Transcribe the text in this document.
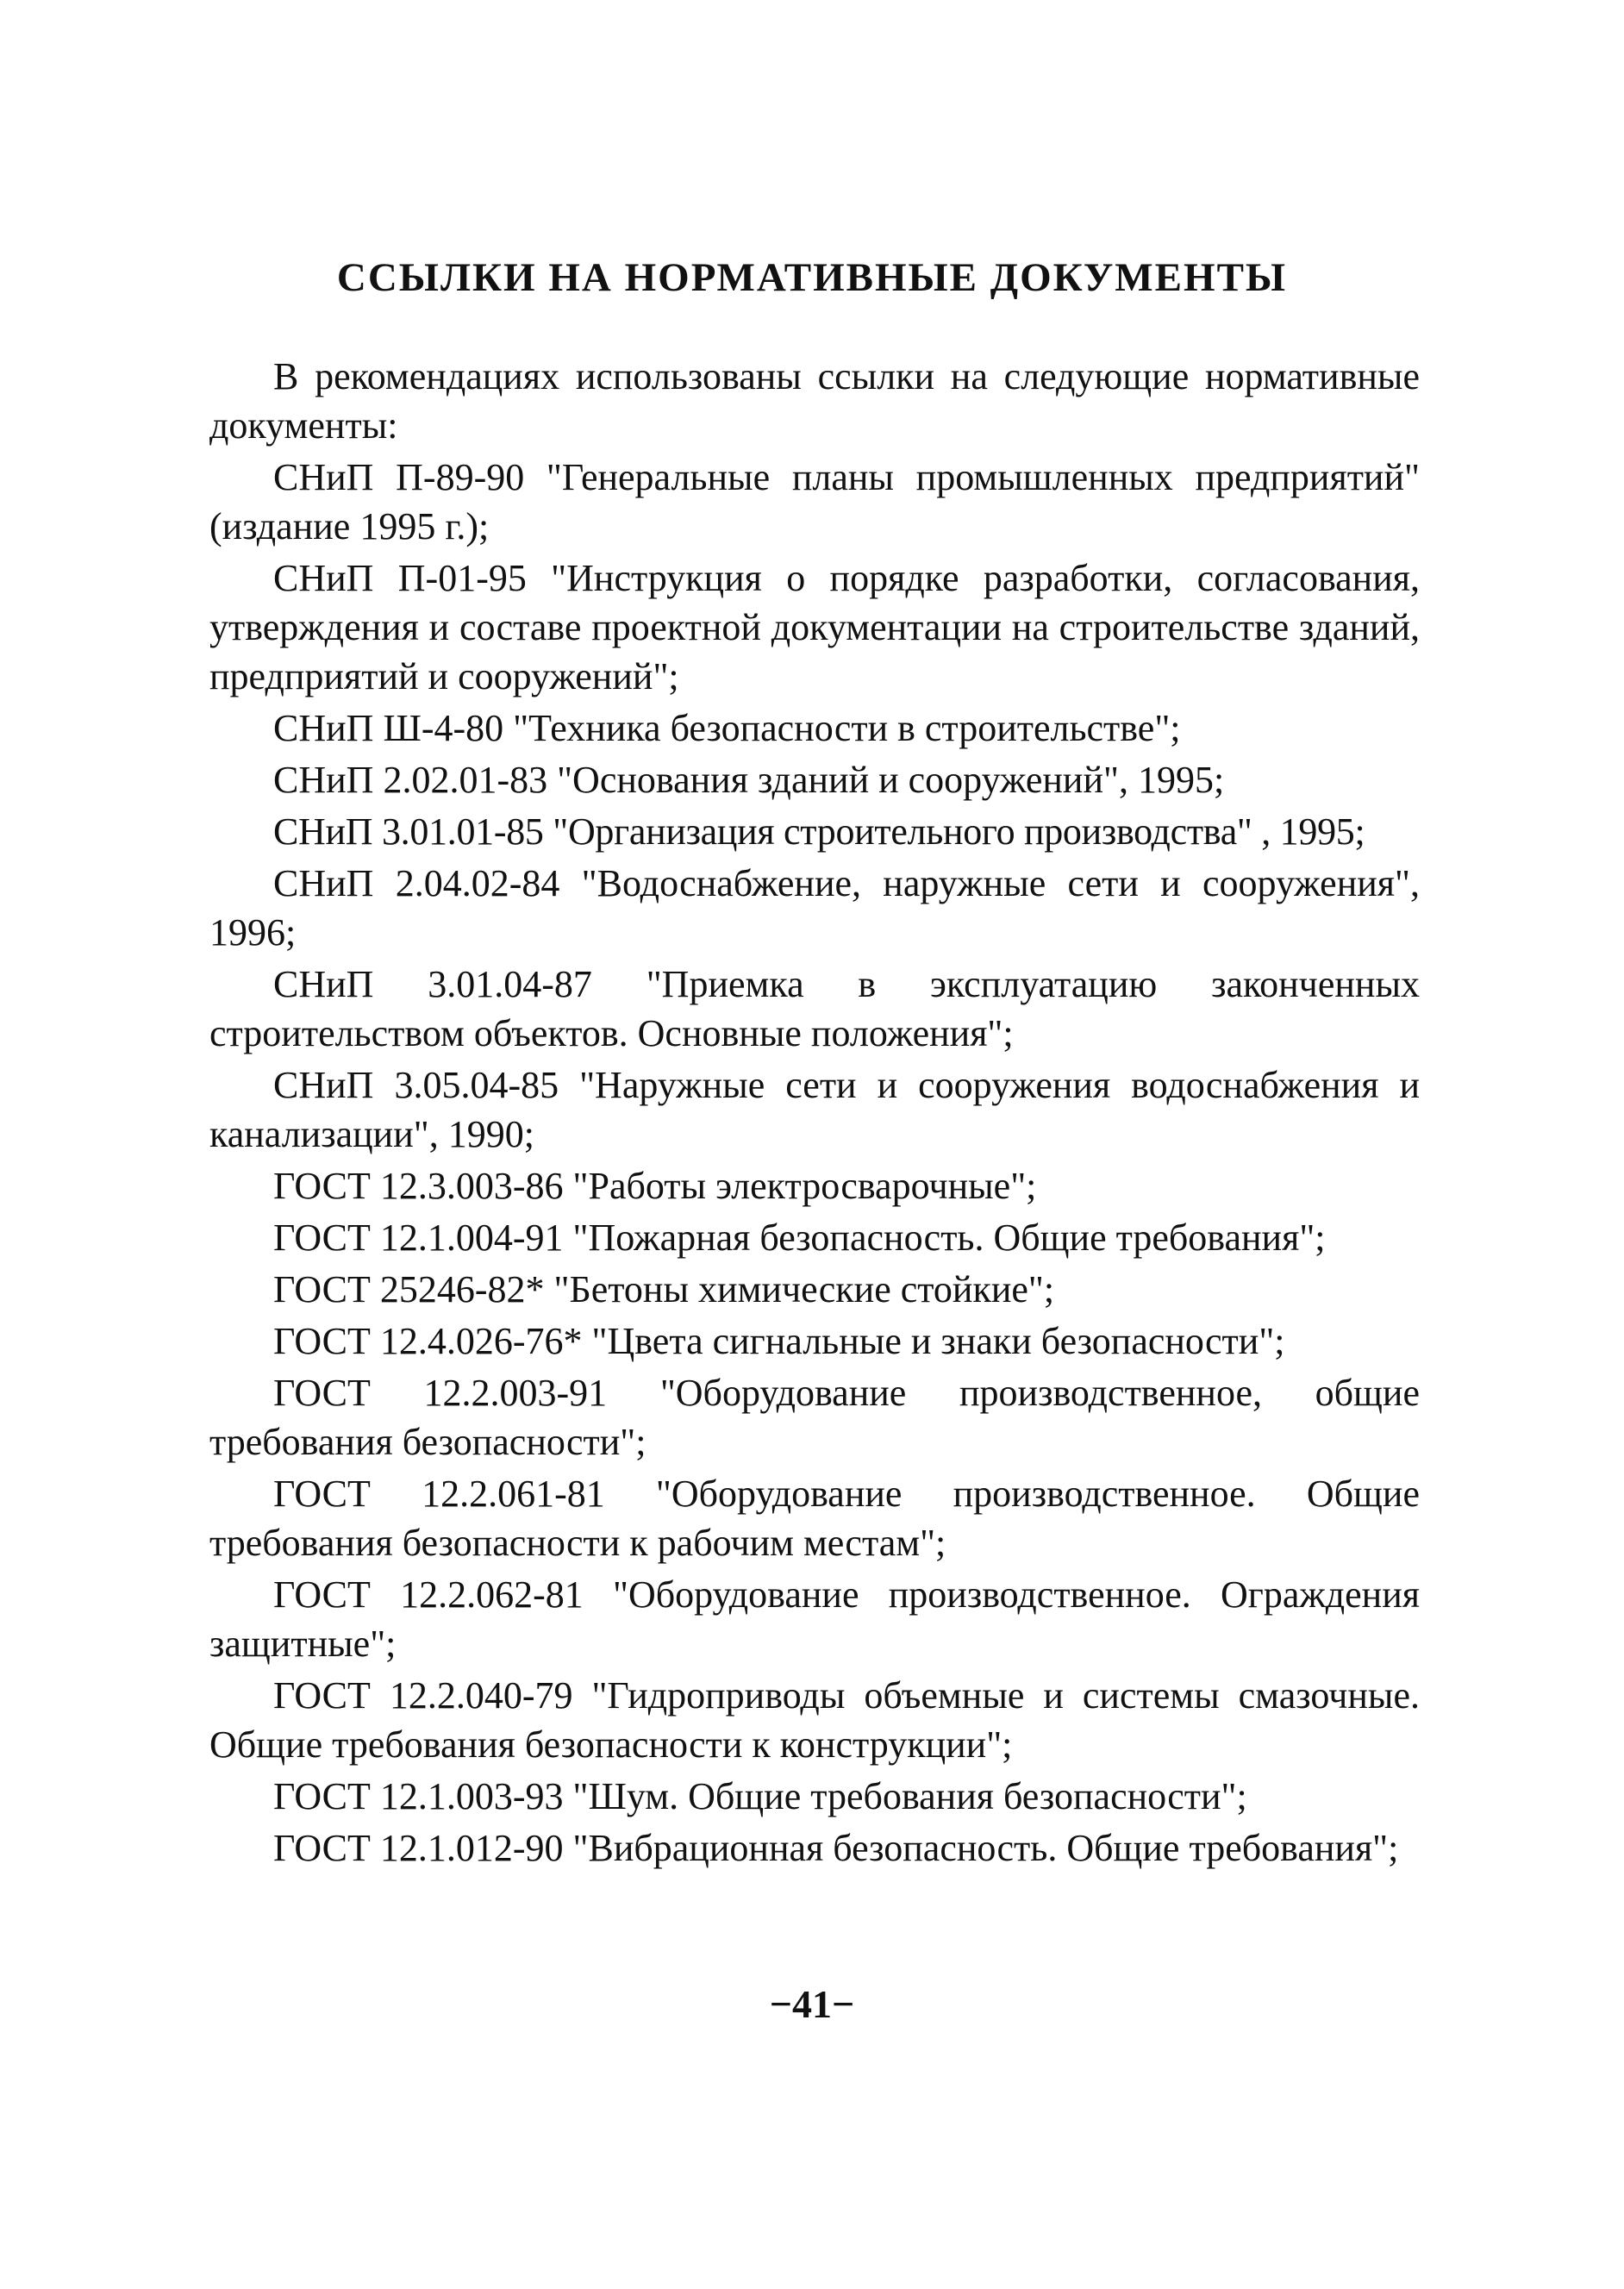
ССЫЛКИ НА НОРМАТИВНЫЕ ДОКУМЕНТЫ

В рекомендациях использованы ссылки на следующие нормативные документы:

СНиП П-89-90 "Генеральные планы промышленных предприятий" (издание 1995 г.);

СНиП П-01-95 "Инструкция о порядке разработки, согласования, утверждения и составе проектной документации на строительстве зданий, предприятий и сооружений";

СНиП Ш-4-80 "Техника безопасности в строительстве";

СНиП 2.02.01-83 "Основания зданий и сооружений", 1995;

СНиП 3.01.01-85 "Организация строительного производства" , 1995;

СНиП 2.04.02-84 "Водоснабжение, наружные сети и сооружения", 1996;

СНиП 3.01.04-87 "Приемка в эксплуатацию законченных строительством объектов. Основные положения";

СНиП 3.05.04-85 "Наружные сети и сооружения водоснабжения и канализации", 1990;

ГОСТ 12.3.003-86 "Работы электросварочные";

ГОСТ 12.1.004-91 "Пожарная безопасность. Общие требования";

ГОСТ 25246-82* "Бетоны химические стойкие";

ГОСТ 12.4.026-76* "Цвета сигнальные и знаки безопасности";

ГОСТ 12.2.003-91 "Оборудование производственное, общие требования безопасности";

ГОСТ 12.2.061-81 "Оборудование производственное. Общие требования безопасности к рабочим местам";

ГОСТ 12.2.062-81 "Оборудование производственное. Ограждения защитные";

ГОСТ 12.2.040-79 "Гидроприводы объемные и системы смазочные. Общие требования безопасности к конструкции";

ГОСТ 12.1.003-93 "Шум. Общие требования безопасности";

ГОСТ 12.1.012-90 "Вибрационная безопасность. Общие требования";

−41−
